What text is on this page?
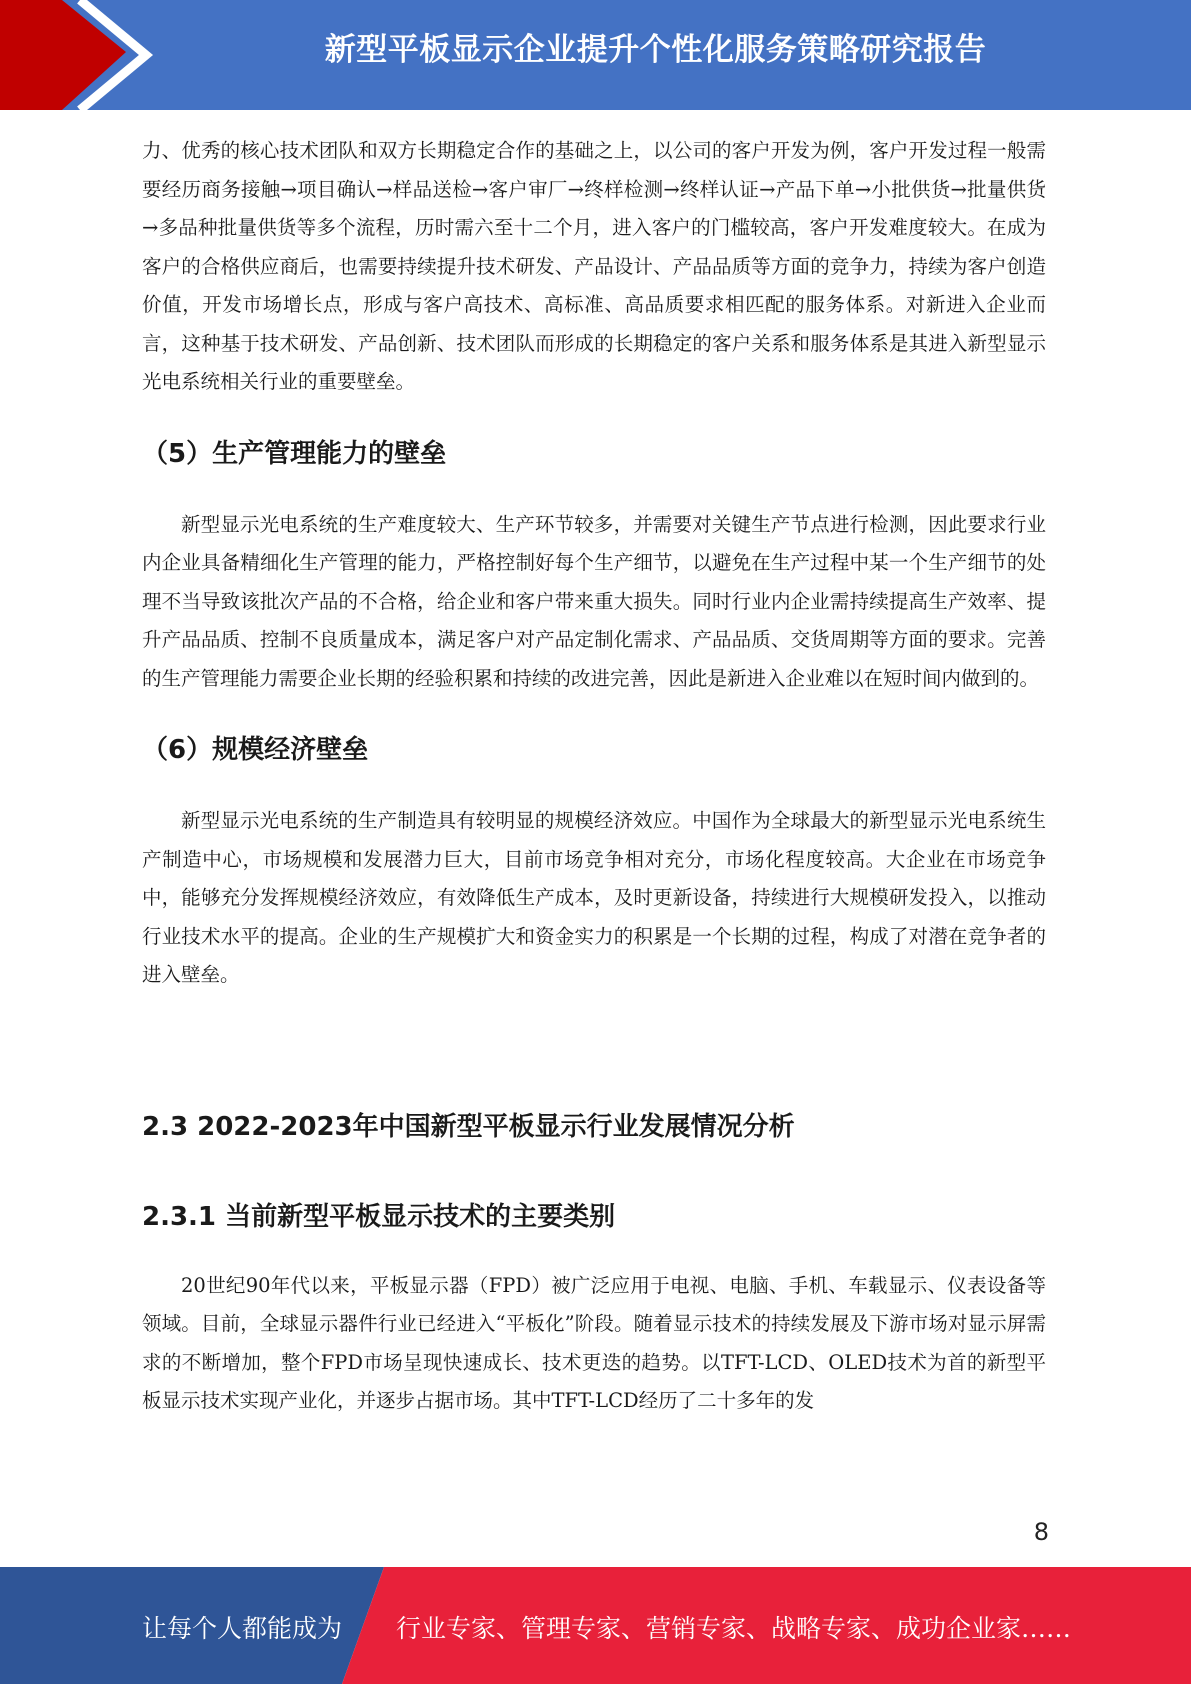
新型平板显示企业提升个性化服务策略研究报告

力、优秀的核心技术团队和双方长期稳定合作的基础之上，以公司的客户开发为例，客户开发过程一般需要经历商务接触→项目确认→样品送检→客户审厂→终样检测→终样认证→产品下单→小批供货→批量供货→多品种批量供货等多个流程，历时需六至十二个月，进入客户的门槛较高，客户开发难度较大。在成为客户的合格供应商后，也需要持续提升技术研发、产品设计、产品品质等方面的竞争力，持续为客户创造价值，开发市场增长点，形成与客户高技术、高标准、高品质要求相匹配的服务体系。对新进入企业而言，这种基于技术研发、产品创新、技术团队而形成的长期稳定的客户关系和服务体系是其进入新型显示光电系统相关行业的重要壁垒。

（5）生产管理能力的壁垒

新型显示光电系统的生产难度较大、生产环节较多，并需要对关键生产节点进行检测，因此要求行业内企业具备精细化生产管理的能力，严格控制好每个生产细节，以避免在生产过程中某一个生产细节的处理不当导致该批次产品的不合格，给企业和客户带来重大损失。同时行业内企业需持续提高生产效率、提升产品品质、控制不良质量成本，满足客户对产品定制化需求、产品品质、交货周期等方面的要求。完善的生产管理能力需要企业长期的经验积累和持续的改进完善，因此是新进入企业难以在短时间内做到的。

（6）规模经济壁垒

新型显示光电系统的生产制造具有较明显的规模经济效应。中国作为全球最大的新型显示光电系统生产制造中心，市场规模和发展潜力巨大，目前市场竞争相对充分，市场化程度较高。大企业在市场竞争中，能够充分发挥规模经济效应，有效降低生产成本，及时更新设备，持续进行大规模研发投入，以推动行业技术水平的提高。企业的生产规模扩大和资金实力的积累是一个长期的过程，构成了对潜在竞争者的进入壁垒。

2.3 2022-2023年中国新型平板显示行业发展情况分析
2.3.1 当前新型平板显示技术的主要类别

20世纪90年代以来，平板显示器（FPD）被广泛应用于电视、电脑、手机、车载显示、仪表设备等领域。目前，全球显示器件行业已经进入“平板化”阶段。随着显示技术的持续发展及下游市场对显示屏需求的不断增加，整个FPD市场呈现快速成长、技术更迭的趋势。以TFT-LCD、OLED技术为首的新型平板显示技术实现产业化，并逐步占据市场。其中TFT-LCD经历了二十多年的发

8
让每个人都能成为 行业专家、管理专家、营销专家、战略专家、成功企业家……
